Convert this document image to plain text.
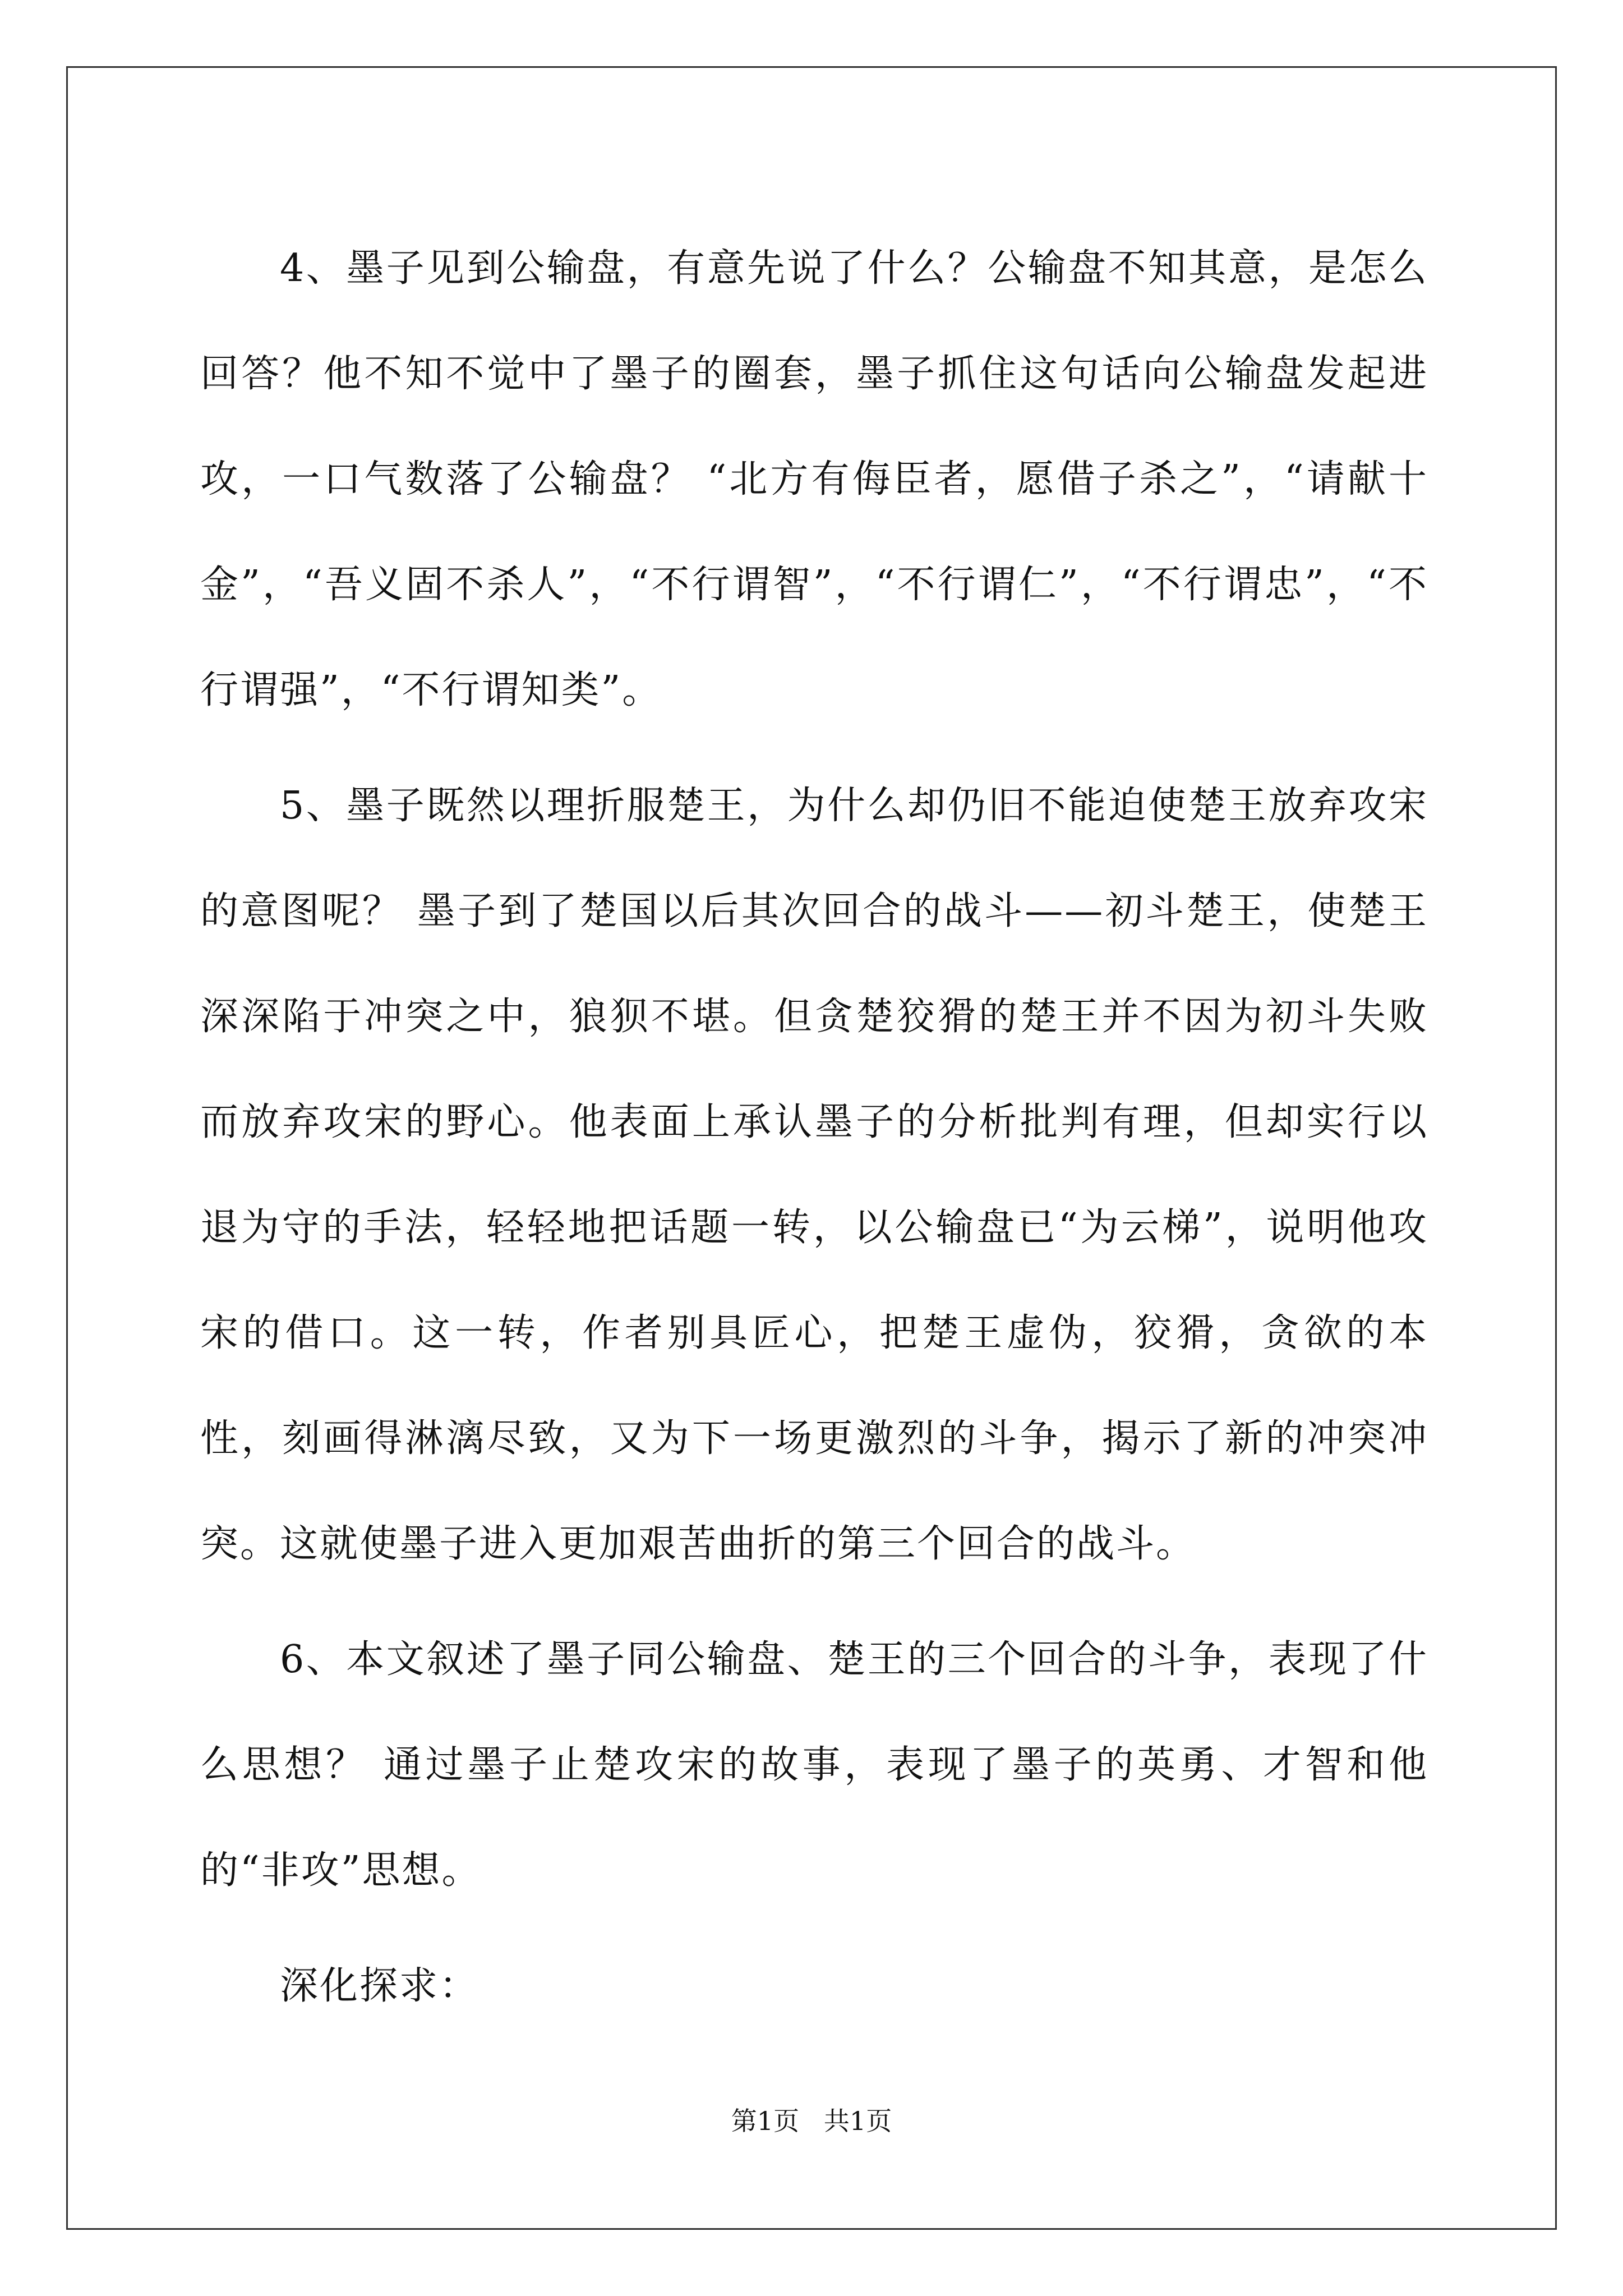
4、墨子见到公输盘，有意先说了什么？公输盘不知其意，是怎么回答？他不知不觉中了墨子的圈套，墨子抓住这句话向公输盘发起进攻，一口气数落了公输盘？ “北方有侮臣者，愿借子杀之”，“请献十金”，“吾义固不杀人”，“不行谓智”，“不行谓仁”，“不行谓忠”，“不行谓强”，“不行谓知类”。

5、墨子既然以理折服楚王，为什么却仍旧不能迫使楚王放弃攻宋的意图呢？ 墨子到了楚国以后其次回合的战斗——初斗楚王，使楚王深深陷于冲突之中，狼狈不堪。但贪楚狡猾的楚王并不因为初斗失败而放弃攻宋的野心。他表面上承认墨子的分析批判有理，但却实行以退为守的手法，轻轻地把话题一转，以公输盘已“为云梯”，说明他攻宋的借口。这一转，作者别具匠心，把楚王虚伪，狡猾，贪欲的本性，刻画得淋漓尽致，又为下一场更激烈的斗争，揭示了新的冲突冲突。这就使墨子进入更加艰苦曲折的第三个回合的战斗。

6、本文叙述了墨子同公输盘、楚王的三个回合的斗争，表现了什么思想？ 通过墨子止楚攻宋的故事，表现了墨子的英勇、才智和他的“非攻”思想。

深化探求：

第1页   共1页
